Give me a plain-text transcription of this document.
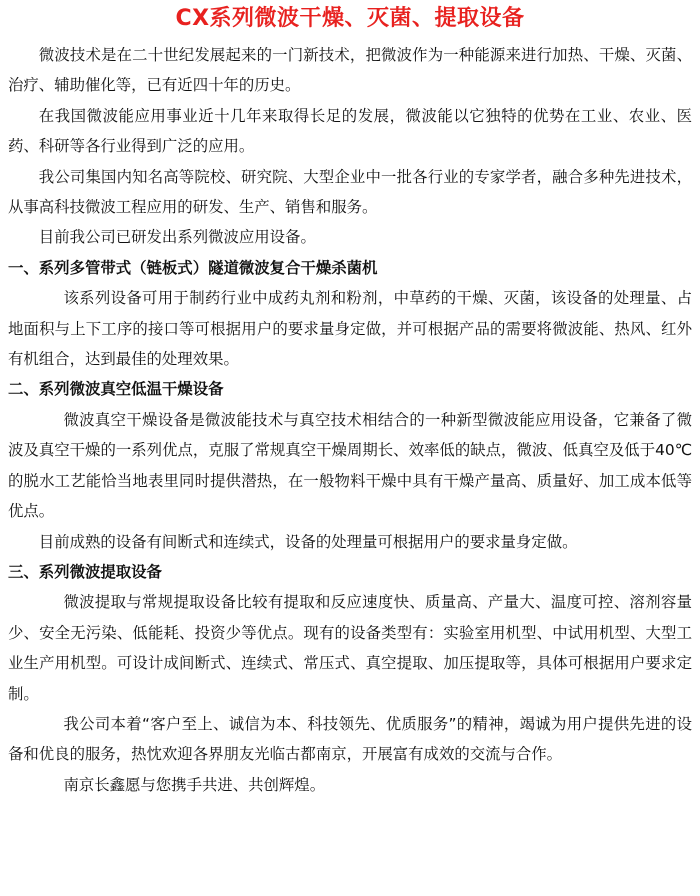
CX系列微波干燥、灭菌、提取设备

微波技术是在二十世纪发展起来的一门新技术，把微波作为一种能源来进行加热、干燥、灭菌、治疗、辅助催化等，已有近四十年的历史。

在我国微波能应用事业近十几年来取得长足的发展，微波能以它独特的优势在工业、农业、医药、科研等各行业得到广泛的应用。

我公司集国内知名高等院校、研究院、大型企业中一批各行业的专家学者，融合多种先进技术，从事高科技微波工程应用的研发、生产、销售和服务。

目前我公司已研发出系列微波应用设备。

一、系列多管带式（链板式）隧道微波复合干燥杀菌机

该系列设备可用于制药行业中成药丸剂和粉剂，中草药的干燥、灭菌，该设备的处理量、占地面积与上下工序的接口等可根据用户的要求量身定做，并可根据产品的需要将微波能、热风、红外有机组合，达到最佳的处理效果。

二、系列微波真空低温干燥设备

微波真空干燥设备是微波能技术与真空技术相结合的一种新型微波能应用设备，它兼备了微波及真空干燥的一系列优点，克服了常规真空干燥周期长、效率低的缺点，微波、低真空及低于40℃的脱水工艺能恰当地表里同时提供潜热，在一般物料干燥中具有干燥产量高、质量好、加工成本低等优点。

目前成熟的设备有间断式和连续式，设备的处理量可根据用户的要求量身定做。

三、系列微波提取设备

微波提取与常规提取设备比较有提取和反应速度快、质量高、产量大、温度可控、溶剂容量少、安全无污染、低能耗、投资少等优点。现有的设备类型有：实验室用机型、中试用机型、大型工业生产用机型。可设计成间断式、连续式、常压式、真空提取、加压提取等，具体可根据用户要求定制。

我公司本着“客户至上、诚信为本、科技领先、优质服务”的精神，竭诚为用户提供先进的设备和优良的服务，热忱欢迎各界朋友光临古都南京，开展富有成效的交流与合作。

南京长鑫愿与您携手共进、共创辉煌。
